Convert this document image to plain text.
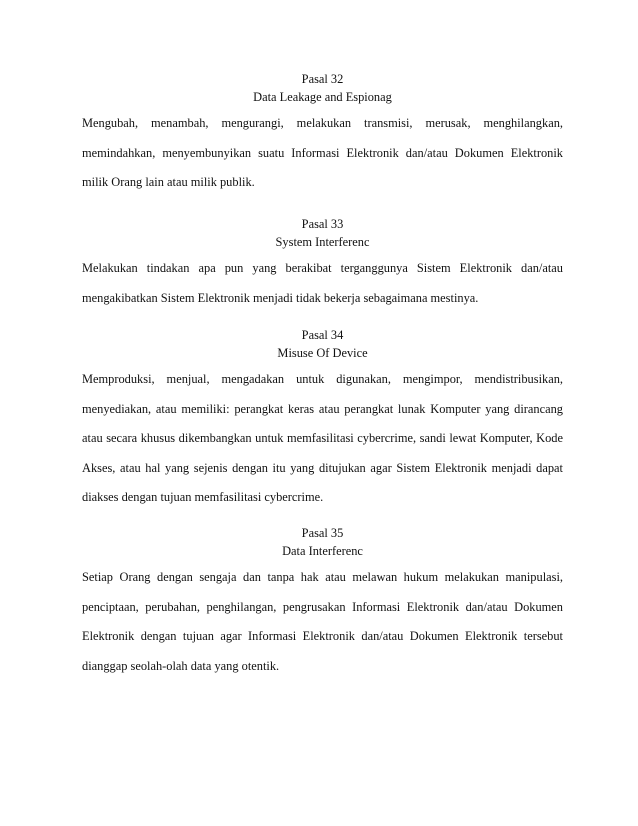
Pasal 32

Data Leakage and Espionag

Mengubah, menambah, mengurangi, melakukan transmisi, merusak, menghilangkan, memindahkan, menyembunyikan suatu Informasi Elektronik dan/atau Dokumen Elektronik milik Orang lain atau milik publik.

Pasal 33

System Interferenc

Melakukan tindakan apa pun yang berakibat terganggunya Sistem Elektronik dan/atau mengakibatkan Sistem Elektronik menjadi tidak bekerja sebagaimana mestinya.

Pasal 34

Misuse Of Device

Memproduksi, menjual, mengadakan untuk digunakan, mengimpor, mendistribusikan, menyediakan, atau memiliki: perangkat keras atau perangkat lunak Komputer yang dirancang atau secara khusus dikembangkan untuk memfasilitasi cybercrime, sandi lewat Komputer, Kode Akses, atau hal yang sejenis dengan itu yang ditujukan agar Sistem Elektronik menjadi dapat diakses dengan tujuan memfasilitasi cybercrime.

Pasal 35

Data Interferenc

Setiap Orang dengan sengaja dan tanpa hak atau melawan hukum melakukan manipulasi, penciptaan, perubahan, penghilangan, pengrusakan Informasi Elektronik dan/atau Dokumen Elektronik dengan tujuan agar Informasi Elektronik dan/atau Dokumen Elektronik tersebut dianggap seolah-olah data yang otentik.
